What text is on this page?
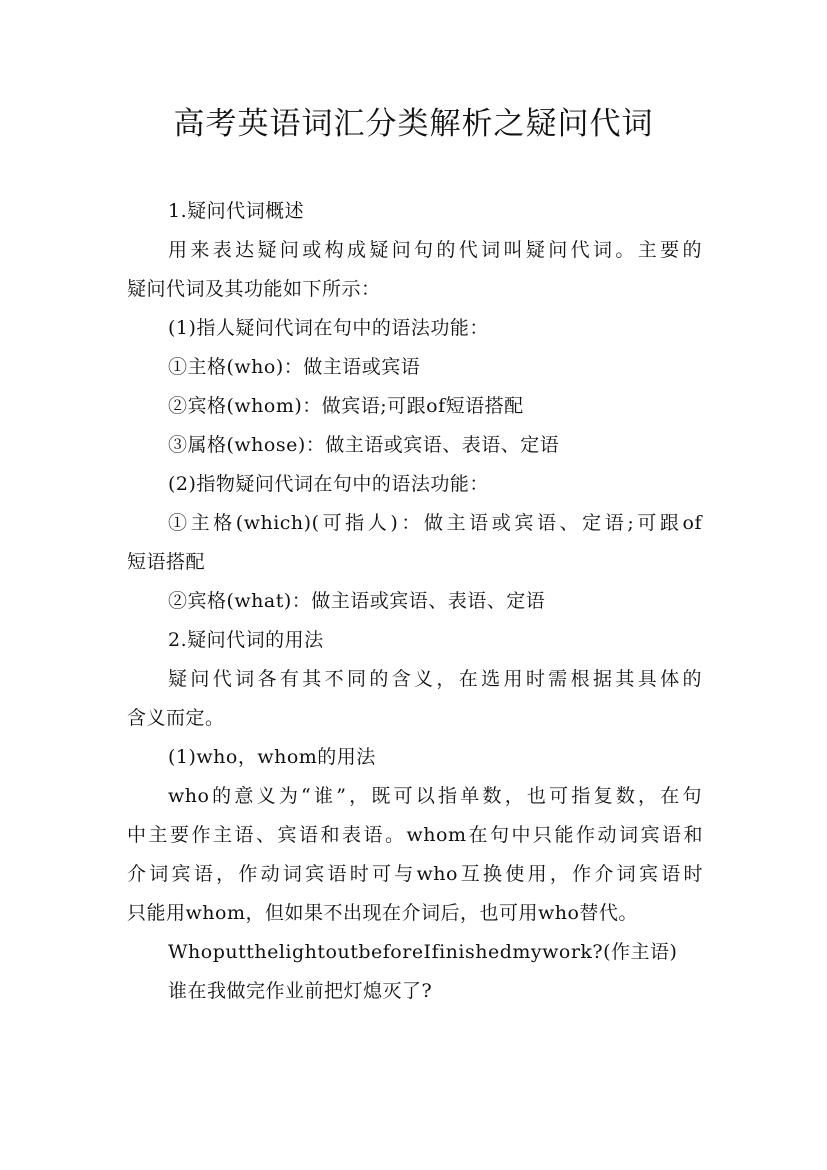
高考英语词汇分类解析之疑问代词
1.疑问代词概述
用来表达疑问或构成疑问句的代词叫疑问代词。主要的
疑问代词及其功能如下所示：
(1)指人疑问代词在句中的语法功能：
①主格(who)：做主语或宾语
②宾格(whom)：做宾语;可跟of短语搭配
③属格(whose)：做主语或宾语、表语、定语
(2)指物疑问代词在句中的语法功能：
①主格(which)(可指人)：做主语或宾语、定语;可跟of
短语搭配
②宾格(what)：做主语或宾语、表语、定语
2.疑问代词的用法
疑问代词各有其不同的含义，在选用时需根据其具体的
含义而定。
(1)who，whom的用法
who的意义为“谁”，既可以指单数，也可指复数，在句
中主要作主语、宾语和表语。whom在句中只能作动词宾语和
介词宾语，作动词宾语时可与who互换使用，作介词宾语时
只能用whom，但如果不出现在介词后，也可用who替代。
WhoputthelightoutbeforeIfinishedmywork?(作主语)
谁在我做完作业前把灯熄灭了?
